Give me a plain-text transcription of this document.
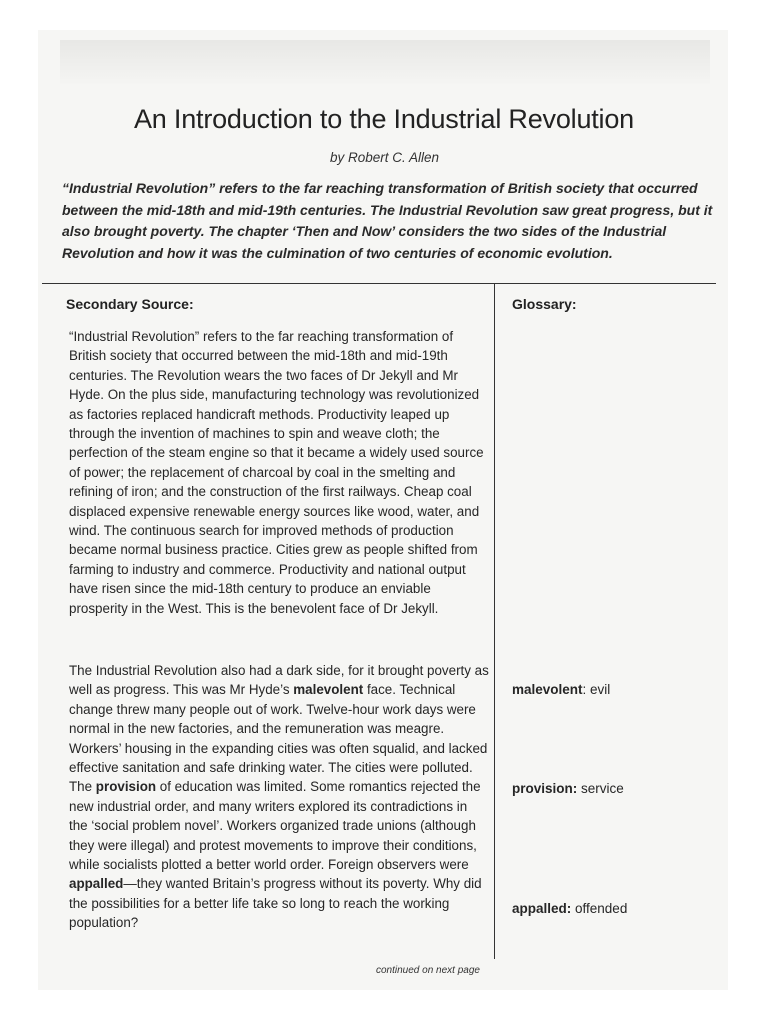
An Introduction to the Industrial Revolution
by Robert C. Allen
“Industrial Revolution” refers to the far reaching transformation of British society that occurred between the mid-18th and mid-19th centuries. The Industrial Revolution saw great progress, but it also brought poverty. The chapter ‘Then and Now’ considers the two sides of the Industrial Revolution and how it was the culmination of two centuries of economic evolution.
Secondary Source:	Glossary:

“Industrial Revolution” refers to the far reaching transformation of British society that occurred between the mid-18th and mid-19th centuries. The Revolution wears the two faces of Dr Jekyll and Mr Hyde. On the plus side, manufacturing technology was revolutionized as factories replaced handicraft methods. Productivity leaped up through the invention of machines to spin and weave cloth; the perfection of the steam engine so that it became a widely used source of power; the replacement of charcoal by coal in the smelting and refining of iron; and the construction of the first railways. Cheap coal displaced expensive renewable energy sources like wood, water, and wind. The continuous search for improved methods of production became normal business practice. Cities grew as people shifted from farming to industry and commerce. Productivity and national output have risen since the mid-18th century to produce an enviable prosperity in the West. This is the benevolent face of Dr Jekyll.

The Industrial Revolution also had a dark side, for it brought poverty as well as progress. This was Mr Hyde’s malevolent face. Technical change threw many people out of work. Twelve-hour work days were normal in the new factories, and the remuneration was meagre. Workers’ housing in the expanding cities was often squalid, and lacked effective sanitation and safe drinking water. The cities were polluted. The provision of education was limited. Some romantics rejected the new industrial order, and many writers explored its contradictions in the ‘social problem novel’. Workers organized trade unions (although they were illegal) and protest movements to improve their conditions, while socialists plotted a better world order. Foreign observers were appalled—they wanted Britain’s progress without its poverty. Why did the possibilities for a better life take so long to reach the working population?

malevolent: evil
provision: service
appalled: offended
continued on next page
